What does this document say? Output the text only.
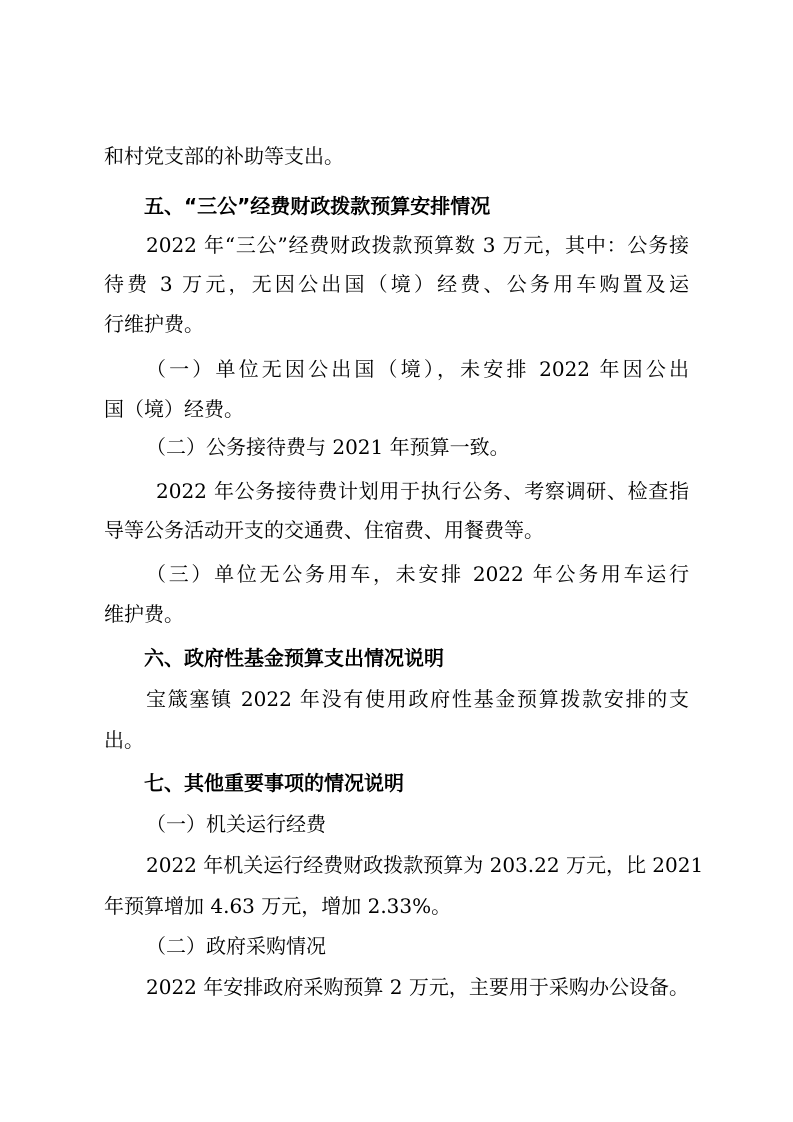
和村党支部的补助等支出。

五、“三公”经费财政拨款预算安排情况

2022 年“三公”经费财政拨款预算数 3 万元，其中：公务接

待费 3 万元，无因公出国（境）经费、公务用车购置及运

行维护费。

（一）单位无因公出国（境），未安排 2022 年因公出

国（境）经费。

（二）公务接待费与 2021 年预算一致。

2022 年公务接待费计划用于执行公务、考察调研、检查指

导等公务活动开支的交通费、住宿费、用餐费等。

（三）单位无公务用车，未安排 2022 年公务用车运行

维护费。

六、政府性基金预算支出情况说明

宝箴塞镇 2022 年没有使用政府性基金预算拨款安排的支

出。

七、其他重要事项的情况说明

（一）机关运行经费

2022 年机关运行经费财政拨款预算为 203.22 万元，比 2021

年预算增加 4.63 万元，增加 2.33%。

（二）政府采购情况

2022 年安排政府采购预算 2 万元，主要用于采购办公设备。
